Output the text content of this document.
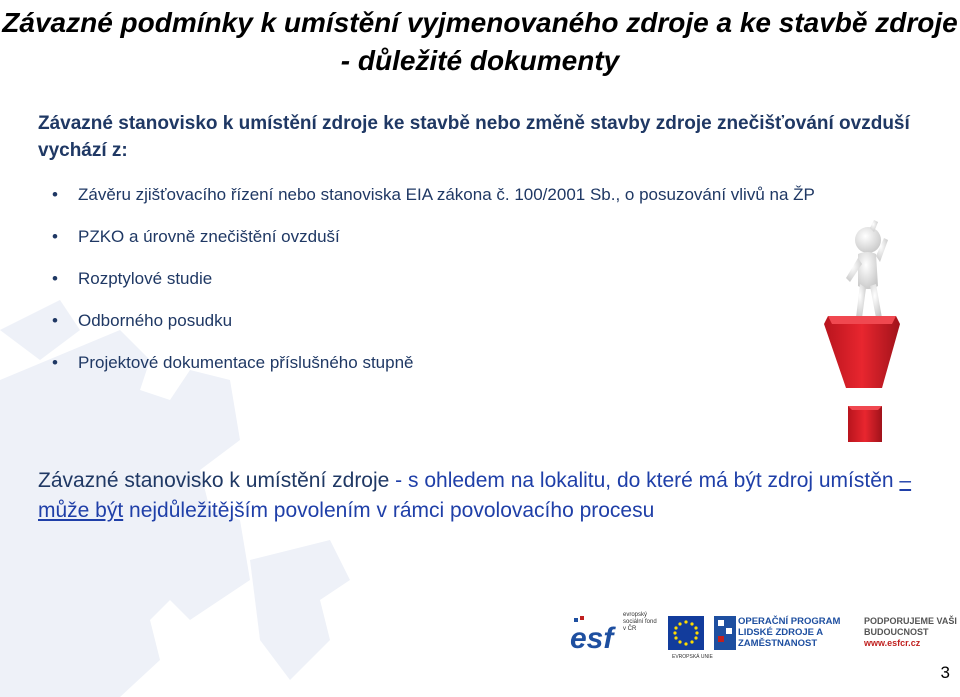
Závazné podmínky k umístění vyjmenovaného zdroje a ke stavbě zdroje - důležité dokumenty
Závazné stanovisko k umístění zdroje ke stavbě nebo změně stavby zdroje znečišťování ovzduší vychází z:
• Závěru zjišťovacího řízení nebo stanoviska EIA zákona č. 100/2001 Sb., o posuzování vlivů na ŽP
• PZKO a úrovně znečištění ovzduší
• Rozptylové studie
• Odborného posudku
• Projektové dokumentace příslušného stupně
Závazné stanovisko k umístění zdroje - s ohledem na lokalitu, do které má být zdroj umístěn – může být nejdůležitějším povolením v rámci povolovacího procesu
esf
evropský sociální fond v ČR
EVROPSKÁ UNIE
OPERAČNÍ PROGRAM LIDSKÉ ZDROJE A ZAMĚSTNANOST
PODPORUJEME VAŠI BUDOUCNOST
www.esfcr.cz
3
